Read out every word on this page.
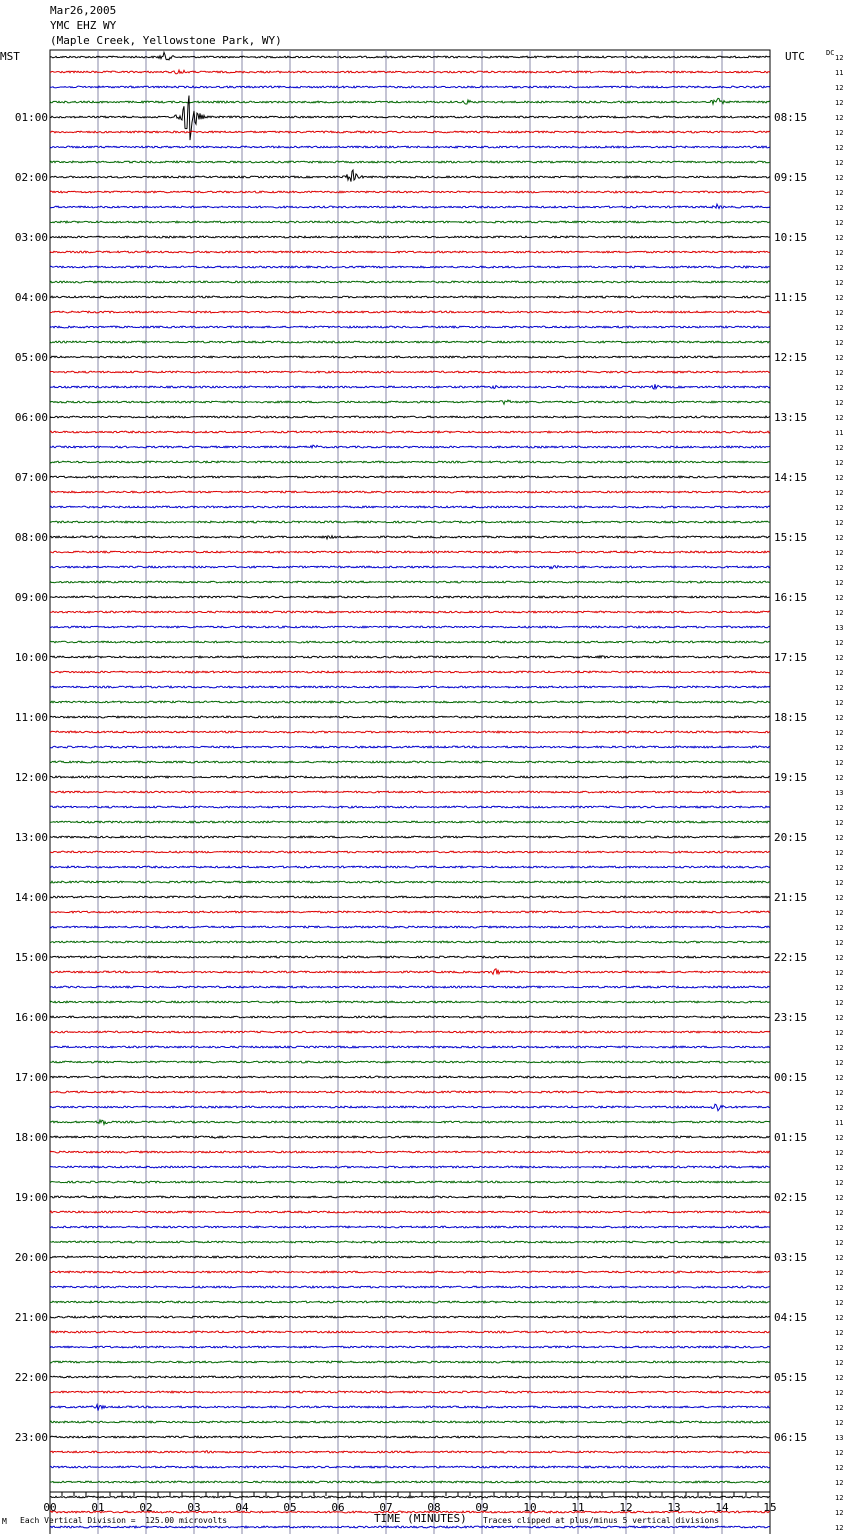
Mar26,2005
YMC EHZ WY
(Maple Creek, Yellowstone Park, WY)
MST	UTC	DC
12
11
12
12
12
12
12
12
12
12
12
12
12
12
12
12
12
12
12
12
12
12
12
12
12
11
12
12
12
12
12
12
12
12
12
12
12
12
13
12
12
12
12
12
12
12
12
12
12
13
12
12
12
12
12
12
12
12
12
12
12
12
12
12
12
12
12
12
12
12
12
11
12
12
12
12
12
12
12
12
12
12
12
12
12
12
12
12
12
12
12
12
13
12
12
12
12
12
12
01:00
02:00
03:00
04:00
05:00
06:00
07:00
08:00
09:00
10:00
11:00
12:00
13:00
14:00
15:00
16:00
17:00
18:00
19:00
20:00
21:00
22:00
23:00
08:15
09:15
10:15
11:15
12:15
13:15
14:15
15:15
16:15
17:15
18:15
19:15
20:15
21:15
22:15
23:15
00:15
01:15
02:15
03:15
04:15
05:15
06:15
00	01	02	03	04	05	06	07	08	09	10	11	12	13	14	15
M Each Vertical Division =  125.00 microvolts	TIME (MINUTES) Traces clipped at plus/minus 5 vertical divisions
